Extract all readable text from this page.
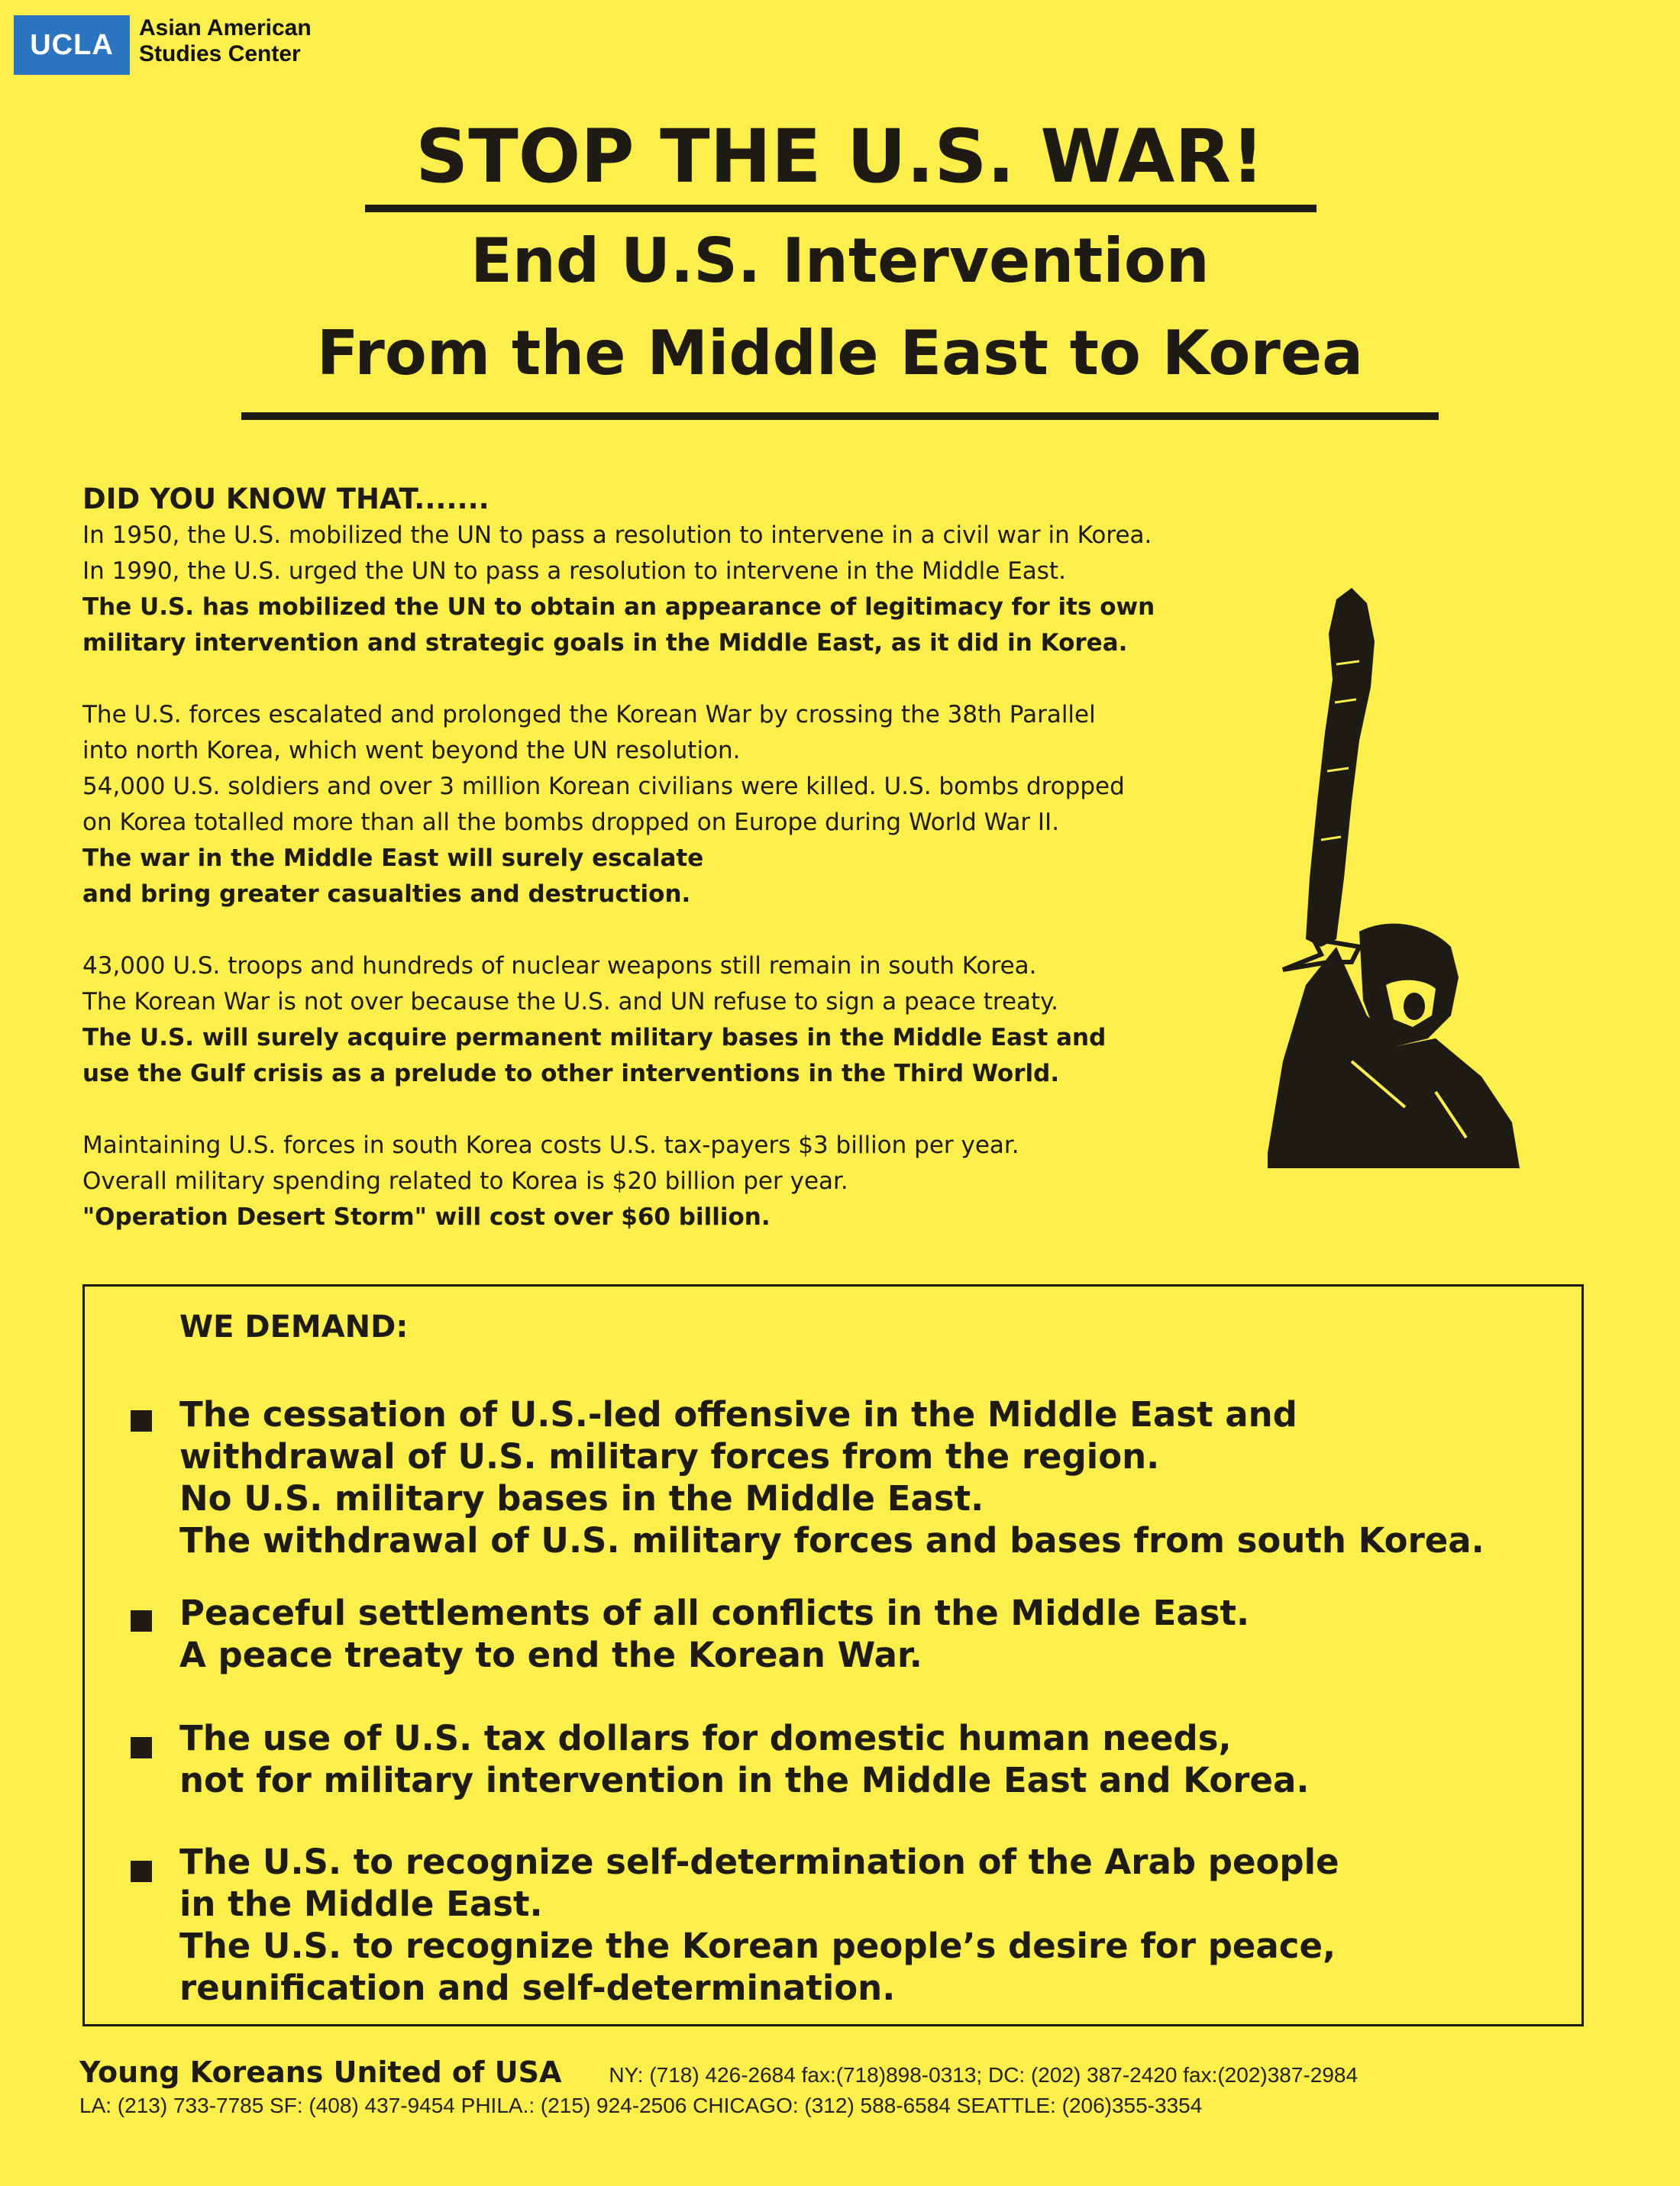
UCLA
Asian American
Studies Center
STOP THE U.S. WAR!
End U.S. Intervention
From the Middle East to Korea
DID YOU KNOW THAT.......
In 1950, the U.S. mobilized the UN to pass a resolution to intervene in a civil war in Korea.
In 1990, the U.S. urged the UN to pass a resolution to intervene in the Middle East.
The U.S. has mobilized the UN to obtain an appearance of legitimacy for its own
military intervention and strategic goals in the Middle East, as it did in Korea.
The U.S. forces escalated and prolonged the Korean War by crossing the 38th Parallel
into north Korea, which went beyond the UN resolution.
54,000 U.S. soldiers and over 3 million Korean civilians were killed. U.S. bombs dropped
on Korea totalled more than all the bombs dropped on Europe during World War II.
The war in the Middle East will surely escalate
and bring greater casualties and destruction.
43,000 U.S. troops and hundreds of nuclear weapons still remain in south Korea.
The Korean War is not over because the U.S. and UN refuse to sign a peace treaty.
The U.S. will surely acquire permanent military bases in the Middle East and
use the Gulf crisis as a prelude to other interventions in the Third World.
Maintaining U.S. forces in south Korea costs U.S. tax-payers $3 billion per year.
Overall military spending related to Korea is $20 billion per year.
"Operation Desert Storm" will cost over $60 billion.
WE DEMAND:
The cessation of U.S.-led offensive in the Middle East and
withdrawal of U.S. military forces from the region.
No U.S. military bases in the Middle East.
The withdrawal of U.S. military forces and bases from south Korea.
Peaceful settlements of all conflicts in the Middle East.
A peace treaty to end the Korean War.
The use of U.S. tax dollars for domestic human needs,
not for military intervention in the Middle East and Korea.
The U.S. to recognize self-determination of the Arab people
in the Middle East.
The U.S. to recognize the Korean people’s desire for peace,
reunification and self-determination.
Young Koreans United of USA NY: (718) 426-2684 fax:(718)898-0313; DC: (202) 387-2420 fax:(202)387-2984
LA: (213) 733-7785 SF: (408) 437-9454 PHILA.: (215) 924-2506 CHICAGO: (312) 588-6584 SEATTLE: (206)355-3354
